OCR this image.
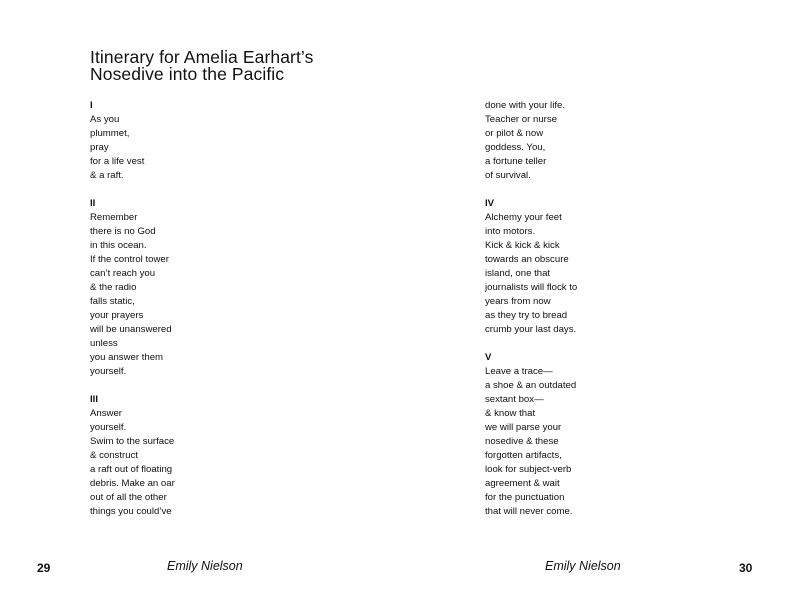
Itinerary for Amelia Earhart’s
Nosedive into the Pacific
I
As you
plummet,
pray
for a life vest
& a raft.
II
Remember
there is no God
in this ocean.
If the control tower
can’t reach you
& the radio
falls static,
your prayers
will be unanswered
unless
you answer them
yourself.
III
Answer
yourself.
Swim to the surface
& construct
a raft out of floating
debris. Make an oar
out of all the other
things you could’ve
done with your life.
Teacher or nurse
or pilot & now
goddess. You,
a fortune teller
of survival.
IV
Alchemy your feet
into motors.
Kick & kick & kick
towards an obscure
island, one that
journalists will flock to
years from now
as they try to bread
crumb your last days.
V
Leave a trace—
a shoe & an outdated
sextant box—
& know that
we will parse your
nosedive & these
forgotten artifacts,
look for subject-verb
agreement & wait
for the punctuation
that will never come.
29	Emily Nielson	Emily Nielson	30
